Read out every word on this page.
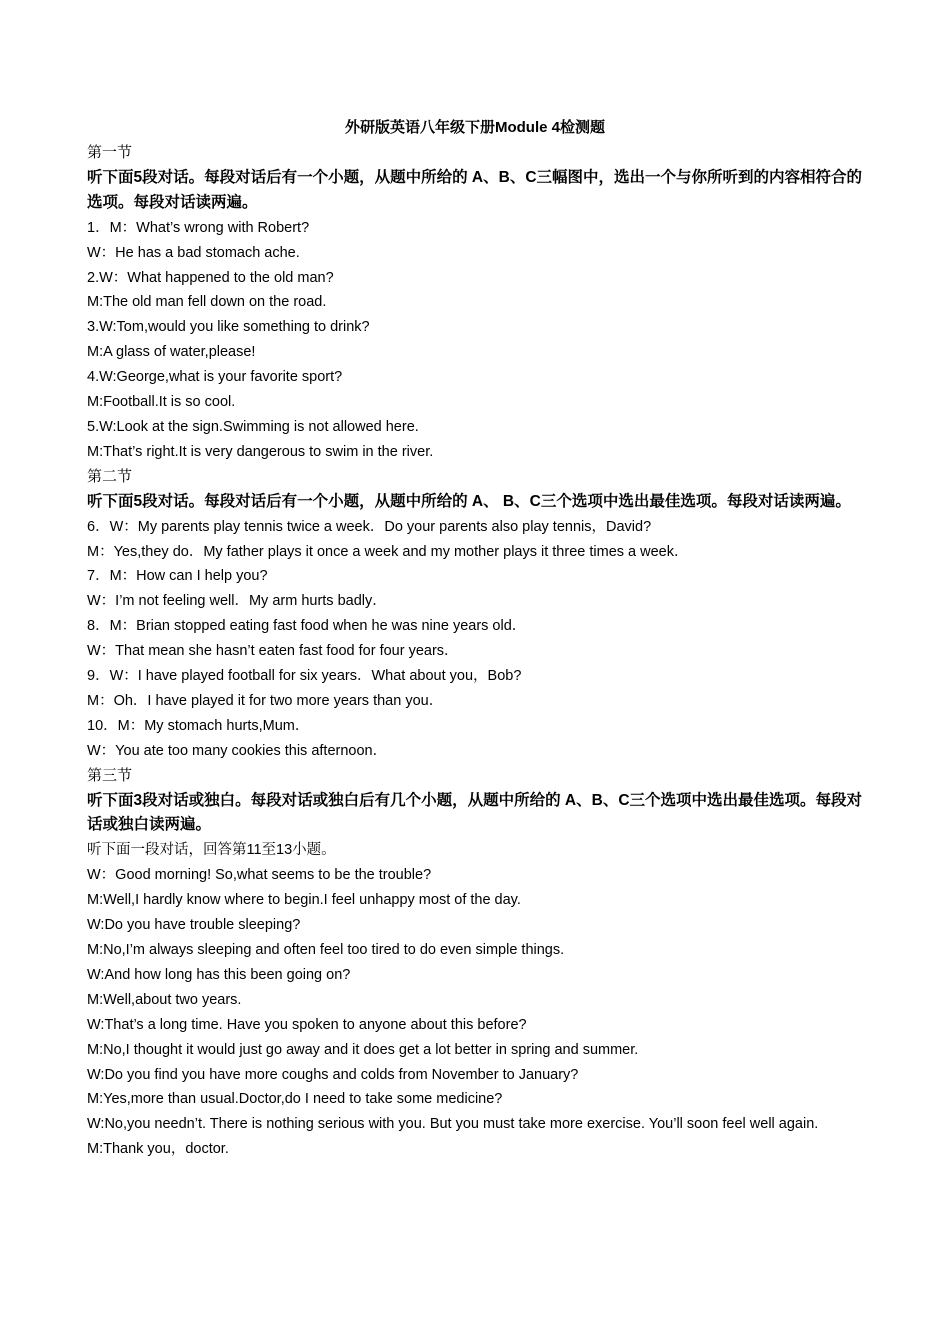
外研版英语八年级下册Module 4检测题
第一节
听下面5段对话。每段对话后有一个小题，从题中所给的 A、B、C三幅图中，选出一个与你所听到的内容相符合的选项。每段对话读两遍。
1．M：What’s wrong with Robert?
W：He has a bad stomach ache.
2.W：What happened to the old man?
M:The old man fell down on the road.
3.W:Tom,would you like something to drink?
M:A glass of water,please!
4.W:George,what is your favorite sport?
M:Football.It is so cool.
5.W:Look at the sign.Swimming is not allowed here.
M:That’s right.It is very dangerous to swim in the river.
第二节
听下面5段对话。每段对话后有一个小题，从题中所给的 A、 B、C三个选项中选出最佳选项。每段对话读两遍。
6．W：My parents play tennis twice a week．Do your parents also play tennis，David?
M：Yes,they do．My father plays it once a week and my mother plays it three times a week．
7．M：How can I help you?
W：I’m not feeling well．My arm hurts badly．
8．M：Brian stopped eating fast food when he was nine years old．
W：That mean she hasn’t eaten fast food for four years．
9．W：I have played football for six years．What about you，Bob?
M：Oh．I have played it for two more years than you．
10．M：My stomach hurts,Mum．
W：You ate too many cookies this afternoon．
第三节
听下面3段对话或独白。每段对话或独白后有几个小题，从题中所给的 A、B、C三个选项中选出最佳选项。每段对话或独白读两遍。
听下面一段对话，回答第11至13小题。
W：Good morning! So,what seems to be the trouble?
M:Well,I hardly know where to begin.I feel unhappy most of the day.
W:Do you have trouble sleeping?
M:No,I’m always sleeping and often feel too tired to do even simple things.
W:And how long has this been going on?
M:Well,about two years.
W:That’s a long time. Have you spoken to anyone about this before?
M:No,I thought it would just go away and it does get a lot better in spring and summer.
W:Do you find you have more coughs and colds from November to January?
M:Yes,more than usual.Doctor,do I need to take some medicine?
W:No,you needn’t. There is nothing serious with you. But you must take more exercise. You’ll soon feel well again.
M:Thank you，doctor.
